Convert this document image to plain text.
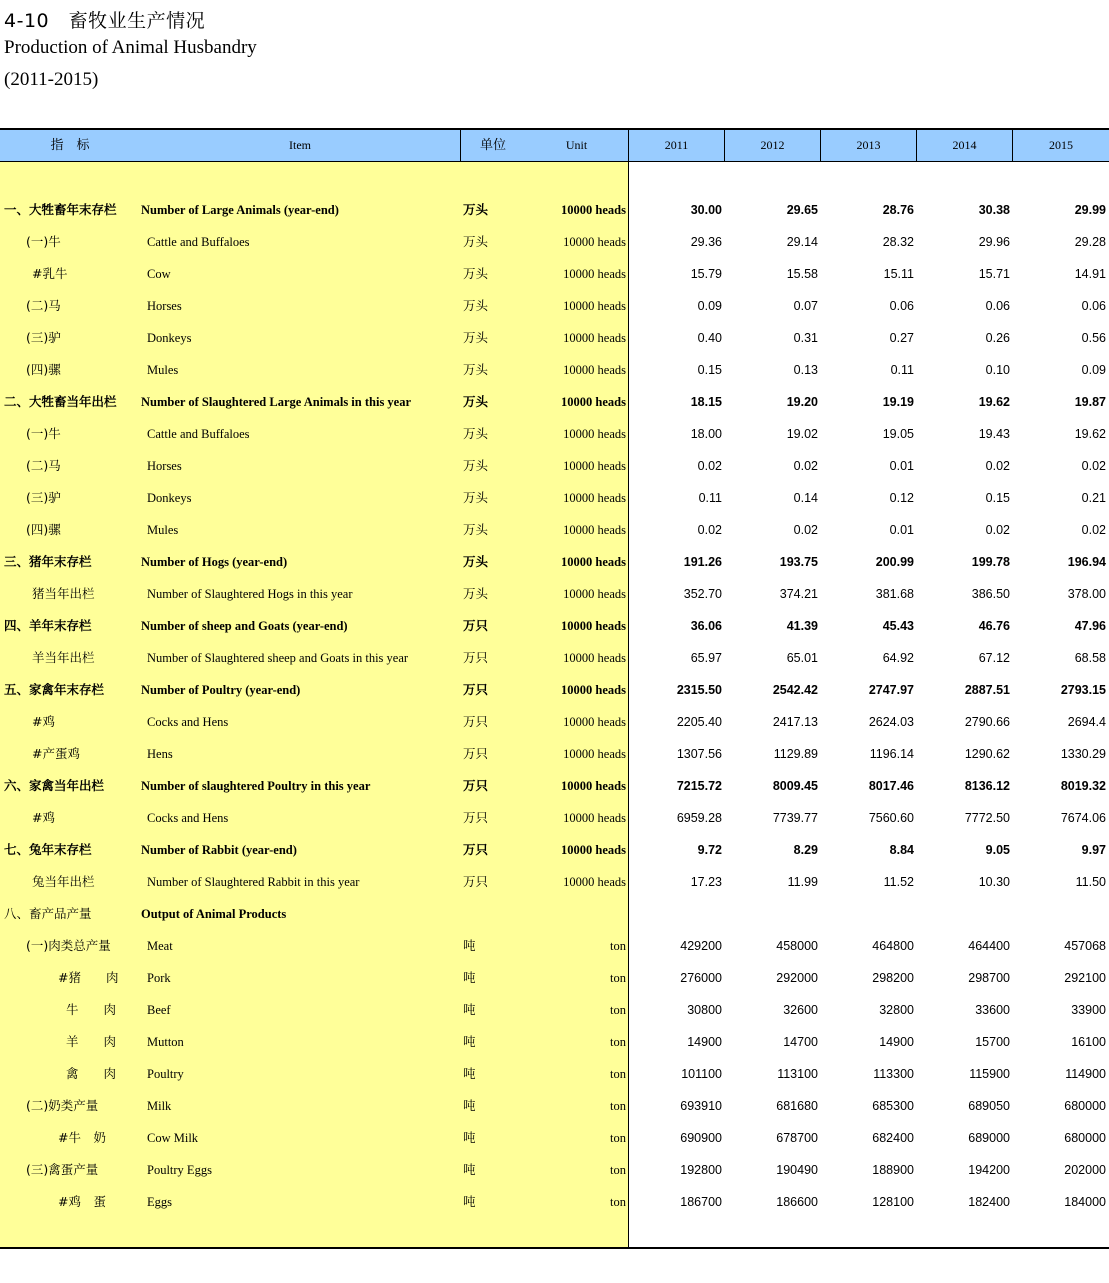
4-10　畜牧业生产情况
Production of Animal Husbandry
(2011-2015)
指　标	Item	单位	Unit	2011	2012	2013	2014	2015
一、大牲畜年末存栏 Number of Large Animals (year-end)	万头	10000 heads	30.00	29.65	28.76	30.38	29.99
(一)牛	Cattle and Buffaloes	万头	10000 heads	29.36	29.14	28.32	29.96	29.28
#乳牛	Cow	万头	10000 heads	15.79	15.58	15.11	15.71	14.91
(二)马	Horses	万头	10000 heads	0.09	0.07	0.06	0.06	0.06
(三)驴	Donkeys	万头	10000 heads	0.40	0.31	0.27	0.26	0.56
(四)骡	Mules	万头	10000 heads	0.15	0.13	0.11	0.10	0.09
二、大牲畜当年出栏 Number of Slaughtered Large Animals in this year	万头	10000 heads	18.15	19.20	19.19	19.62	19.87
(一)牛	Cattle and Buffaloes	万头	10000 heads	18.00	19.02	19.05	19.43	19.62
(二)马	Horses	万头	10000 heads	0.02	0.02	0.01	0.02	0.02
(三)驴	Donkeys	万头	10000 heads	0.11	0.14	0.12	0.15	0.21
(四)骡	Mules	万头	10000 heads	0.02	0.02	0.01	0.02	0.02
三、猪年末存栏	Number of Hogs (year-end)	万头	10000 heads	191.26	193.75	200.99	199.78	196.94
猪当年出栏	Number of Slaughtered Hogs in this year	万头	10000 heads	352.70	374.21	381.68	386.50	378.00
四、羊年末存栏	Number of sheep and Goats (year-end)	万只	10000 heads	36.06	41.39	45.43	46.76	47.96
羊当年出栏	Number of Slaughtered sheep and Goats in this year	万只	10000 heads	65.97	65.01	64.92	67.12	68.58
五、家禽年末存栏	Number of Poultry (year-end)	万只	10000 heads	2315.50	2542.42	2747.97	2887.51	2793.15
#鸡	Cocks and Hens	万只	10000 heads	2205.40	2417.13	2624.03	2790.66	2694.4
#产蛋鸡	Hens	万只	10000 heads	1307.56	1129.89	1196.14	1290.62	1330.29
六、家禽当年出栏	Number of slaughtered Poultry in this year	万只	10000 heads	7215.72	8009.45	8017.46	8136.12	8019.32
#鸡	Cocks and Hens	万只	10000 heads	6959.28	7739.77	7560.60	7772.50	7674.06
七、兔年末存栏	Number of Rabbit (year-end)	万只	10000 heads	9.72	8.29	8.84	9.05	9.97
兔当年出栏	Number of Slaughtered Rabbit in this year	万只	10000 heads	17.23	11.99	11.52	10.30	11.50
八、畜产品产量	Output of Animal Products
(一)肉类总产量	Meat	吨	ton	429200	458000	464800	464400	457068
#猪　　肉 Pork	吨	ton	276000	292000	298200	298700	292100
牛　　肉 Beef	吨	ton	30800	32600	32800	33600	33900
羊　　肉 Mutton	吨	ton	14900	14700	14900	15700	16100
禽　　肉 Poultry	吨	ton	101100	113100	113300	115900	114900
(二)奶类产量	Milk	吨	ton	693910	681680	685300	689050	680000
#牛　奶	Cow Milk	吨	ton	690900	678700	682400	689000	680000
(三)禽蛋产量	Poultry Eggs	吨	ton	192800	190490	188900	194200	202000
#鸡　蛋	Eggs	吨	ton	186700	186600	128100	182400	184000
